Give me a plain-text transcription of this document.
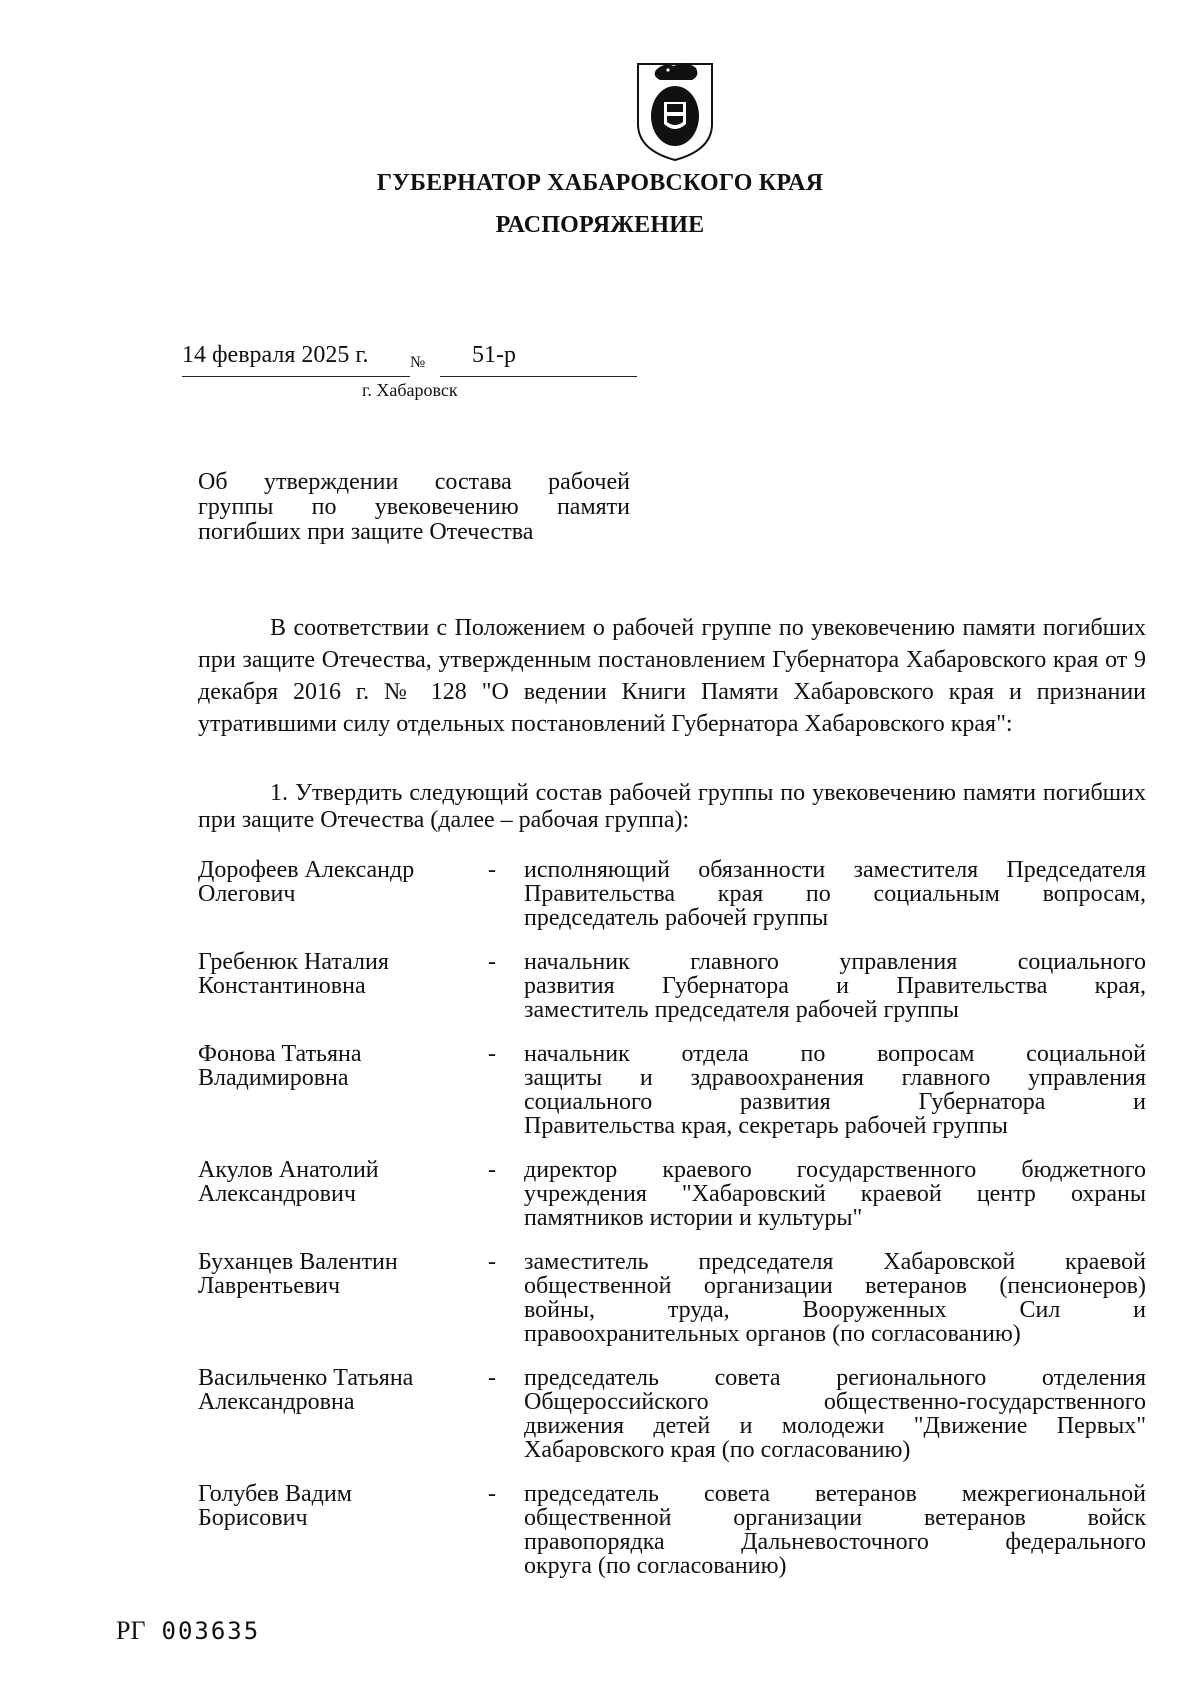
ГУБЕРНАТОР ХАБАРОВСКОГО КРАЯ
РАСПОРЯЖЕНИЕ
14 февраля 2025 г.	№ 51-р
г. Хабаровск
Об утверждении состава рабочей
группы по увековечению памяти
погибших при защите Отечества

В соответствии с Положением о рабочей группе по увековечению памяти погибших при защите Отечества, утвержденным постановлением Губернатора Хабаровского края от 9 декабря 2016 г. № 128 "О ведении Книги Памяти Хабаровского края и признании утратившими силу отдельных постановлений Губернатора Хабаровского края":

1. Утвердить следующий состав рабочей группы по увековечению памяти погибших при защите Отечества (далее – рабочая группа):

Дорофеев Александр
Олегович
-	исполняющий обязанности заместителя Председателя
Правительства края по социальным вопросам,
председатель рабочей группы
Гребенюк Наталия
Константиновна
-	начальник главного управления социального
развития Губернатора и Правительства края,
заместитель председателя рабочей группы
Фонова Татьяна
Владимировна
-	начальник отдела по вопросам социальной
защиты и здравоохранения главного управления
социального развития Губернатора и
Правительства края, секретарь рабочей группы
Акулов Анатолий
Александрович
-	директор краевого государственного бюджетного
учреждения "Хабаровский краевой центр охраны
памятников истории и культуры"
Буханцев Валентин
Лаврентьевич
-	заместитель председателя Хабаровской краевой
общественной организации ветеранов (пенсионеров)
войны, труда, Вооруженных Сил и
правоохранительных органов (по согласованию)
Васильченко Татьяна
Александровна
-	председатель совета регионального отделения
Общероссийского общественно-государственного
движения детей и молодежи "Движение Первых"
Хабаровского края (по согласованию)
Голубев Вадим
Борисович
-	председатель совета ветеранов межрегиональной
общественной организации ветеранов войск
правопорядка Дальневосточного федерального
округа (по согласованию)
РГ 003635
